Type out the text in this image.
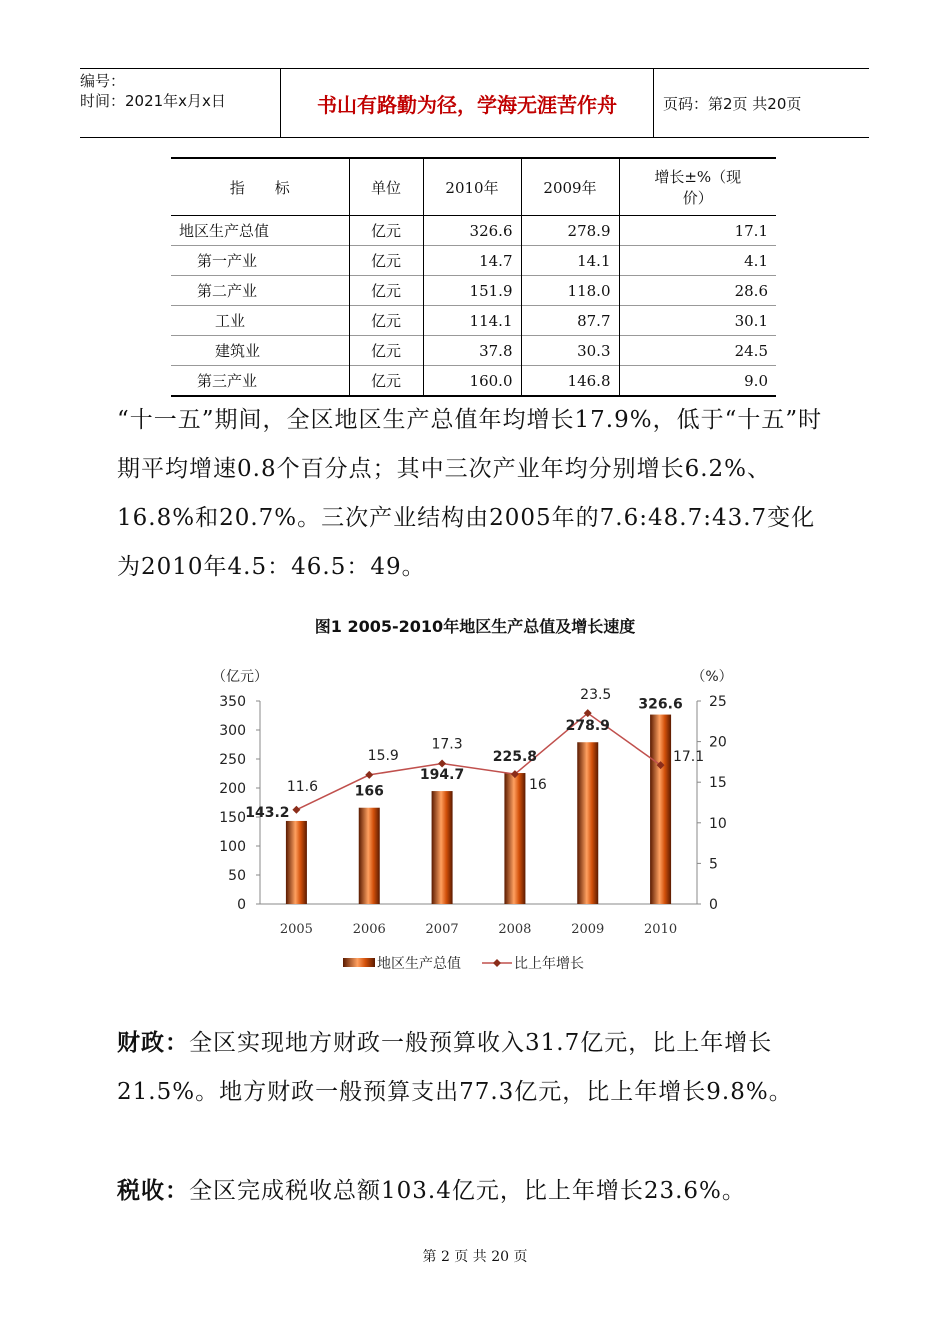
编号：
时间：2021年x月x日	书山有路勤为径，学海无涯苦作舟	页码：第2页 共20页
指　　标	单位	2010年	2009年	增长±%（现价）
地区生产总值	亿元	326.6	278.9	17.1
第一产业	亿元	14.7	14.1	4.1
第二产业	亿元	151.9	118.0	28.6
工业	亿元	114.1	87.7	30.1
建筑业	亿元	37.8	30.3	24.5
第三产业	亿元	160.0	146.8	9.0
“十一五”期间，全区地区生产总值年均增长17.9%，低于“十五”时期平均增速0.8个百分点；其中三次产业年均分别增长6.2%、16.8%和20.7%。三次产业结构由2005年的7.6:48.7:43.7变化为2010年4.5：46.5：49。
图1 2005-2010年地区生产总值及增长速度
（亿元）	（%）
0
50
100
150
200
250
300
350
0
5
10
15
20
25
2005	2006	2007	2008	2009	2010
143.2
166
194.7
225.8
278.9
326.6
11.6
15.9
17.3
16
23.5
17.1
地区生产总值	比上年增长
财政：全区实现地方财政一般预算收入31.7亿元，比上年增长21.5%。地方财政一般预算支出77.3亿元，比上年增长9.8%。
税收：全区完成税收总额103.4亿元，比上年增长23.6%。
第 2 页 共 20 页
